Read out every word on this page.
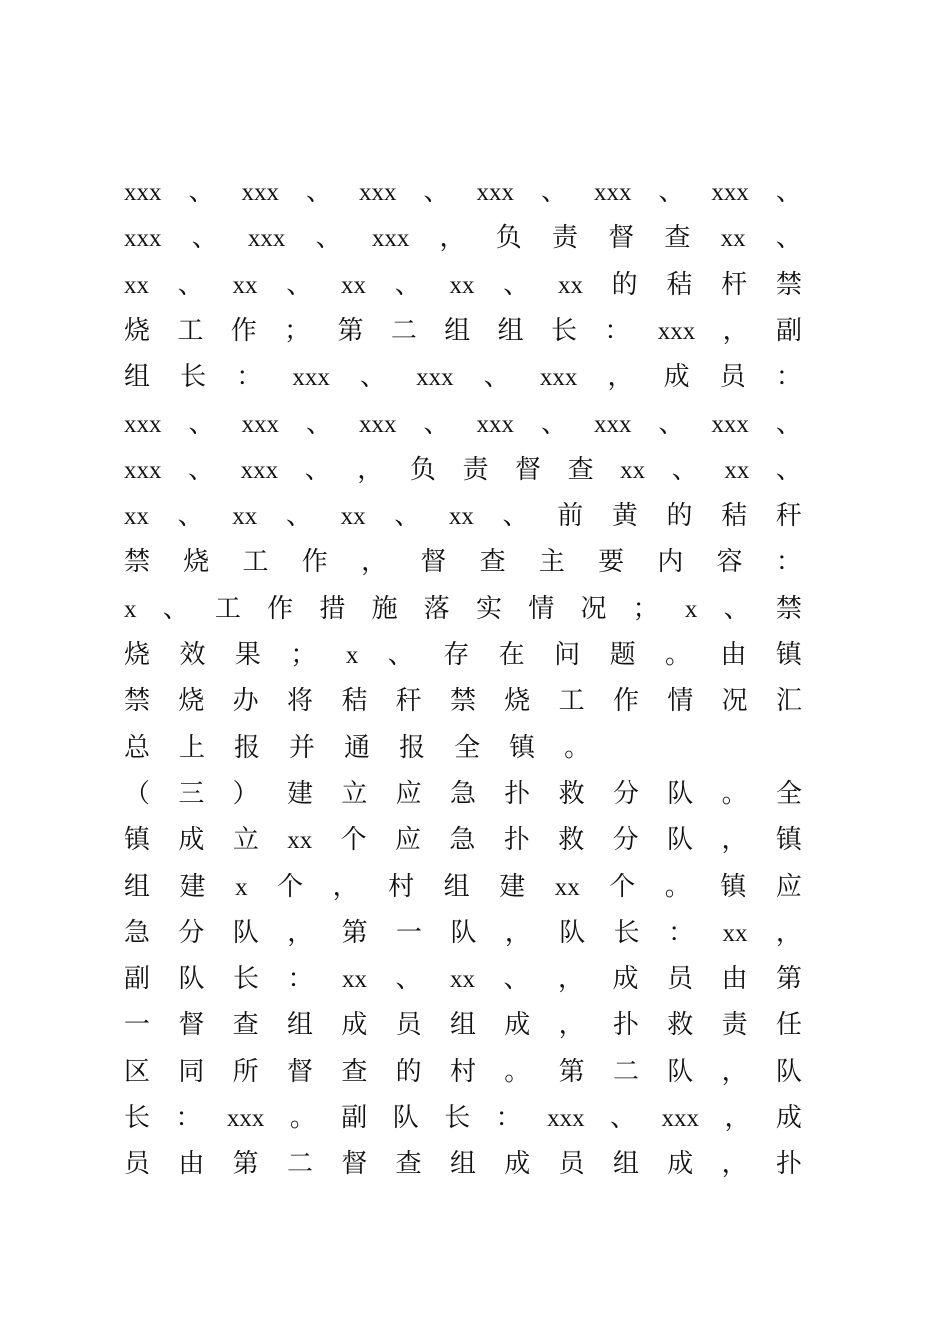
xxx 、 xxx 、 xxx 、 xxx 、 xxx 、 xxx 、
xxx 、 xxx 、 xxx ， 负 责 督 查 xx 、
xx 、 xx 、 xx 、 xx 、 xx 的 秸 杆 禁
烧 工 作 ； 第 二 组 组 长 ： xxx ， 副
组 长 ： xxx 、 xxx 、 xxx ， 成 员 ：
xxx 、 xxx 、 xxx 、 xxx 、 xxx 、 xxx 、
xxx 、 xxx 、 ， 负 责 督 查 xx 、 xx 、
xx 、 xx 、 xx 、 xx 、 前 黄 的 秸 秆
禁 烧 工 作 ， 督 查 主 要 内 容 ：
x 、 工 作 措 施 落 实 情 况 ； x 、 禁
烧 效 果 ； x 、 存 在 问 题 。 由 镇
禁 烧 办 将 秸 秆 禁 烧 工 作 情 况 汇
总 上 报 并 通 报 全 镇 。
（ 三 ） 建 立 应 急 扑 救 分 队 。 全
镇 成 立 xx 个 应 急 扑 救 分 队 ， 镇
组 建 x 个 ， 村 组 建 xx 个 。 镇 应
急 分 队 ， 第 一 队 ， 队 长 ： xx ，
副 队 长 ： xx 、 xx 、 ， 成 员 由 第
一 督 查 组 成 员 组 成 ， 扑 救 责 任
区 同 所 督 查 的 村 。 第 二 队 ， 队
长 ： xxx 。 副 队 长 ： xxx 、 xxx ， 成
员 由 第 二 督 查 组 成 员 组 成 ， 扑
